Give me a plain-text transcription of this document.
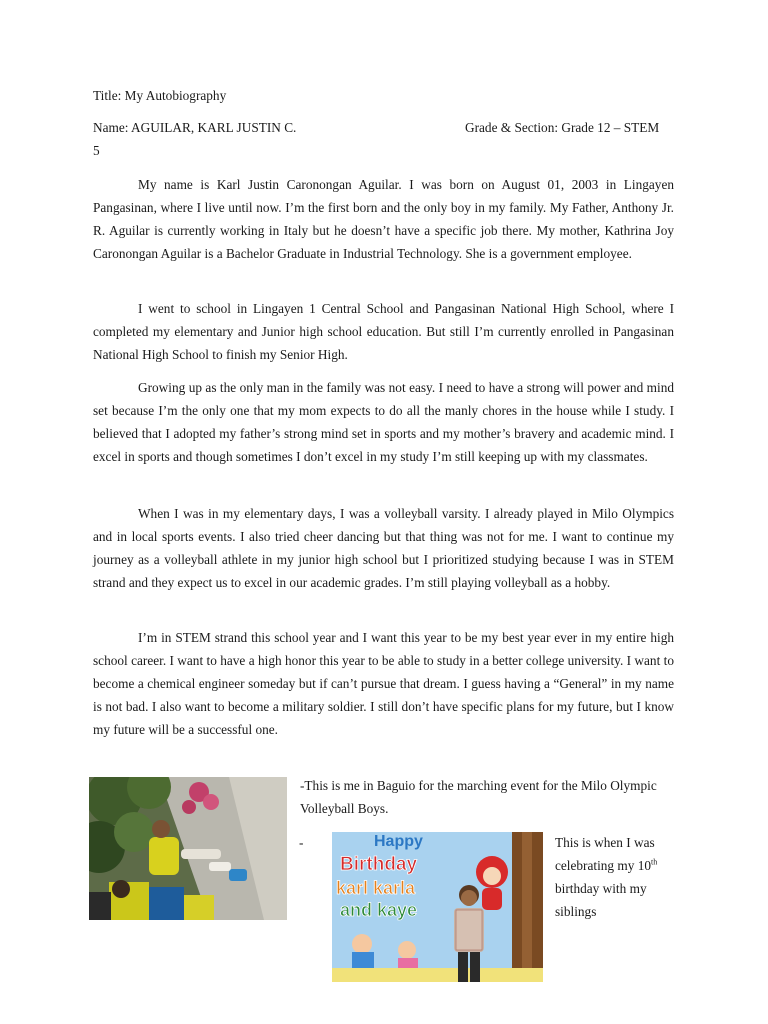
Title: My Autobiography
Name: AGUILAR, KARL JUSTIN C.	Grade & Section: Grade 12 – STEM
5

My name is Karl Justin Caronongan Aguilar. I was born on August 01, 2003 in Lingayen Pangasinan, where I live until now. I’m the first born and the only boy in my family. My Father, Anthony Jr. R. Aguilar is currently working in Italy but he doesn’t have a specific job there. My mother, Kathrina Joy Caronongan Aguilar is a Bachelor Graduate in Industrial Technology. She is a government employee.

I went to school in Lingayen 1 Central School and Pangasinan National High School, where I completed my elementary and Junior high school education. But still I’m currently enrolled in Pangasinan National High School to finish my Senior High.

Growing up as the only man in the family was not easy. I need to have a strong will power and mind set because I’m the only one that my mom expects to do all the manly chores in the house while I study. I believed that I adopted my father’s strong mind set in sports and my mother’s bravery and academic mind. I excel in sports and though sometimes I don’t excel in my study I’m still keeping up with my classmates.

When I was in my elementary days, I was a volleyball varsity. I already played in Milo Olympics and in local sports events. I also tried cheer dancing but that thing was not for me. I want to continue my journey as a volleyball athlete in my junior high school but I prioritized studying because I was in STEM strand and they expect us to excel in our academic grades. I’m still playing volleyball as a hobby.

I’m in STEM strand this school year and I want this year to be my best year ever in my entire high school career. I want to have a high honor this year to be able to study in a better college university. I want to become a chemical engineer someday but if can’t pursue that dream. I guess having a “General” in my name is not bad. I also want to become a military soldier. I still don’t have specific plans for my future, but I know my future will be a successful one.

-This is me in Baguio for the marching event for the Milo Olympic Volleyball Boys.
-	Happy
Birthday
karl karla
and kaye
This is when I was celebrating my 10th birthday with my siblings
